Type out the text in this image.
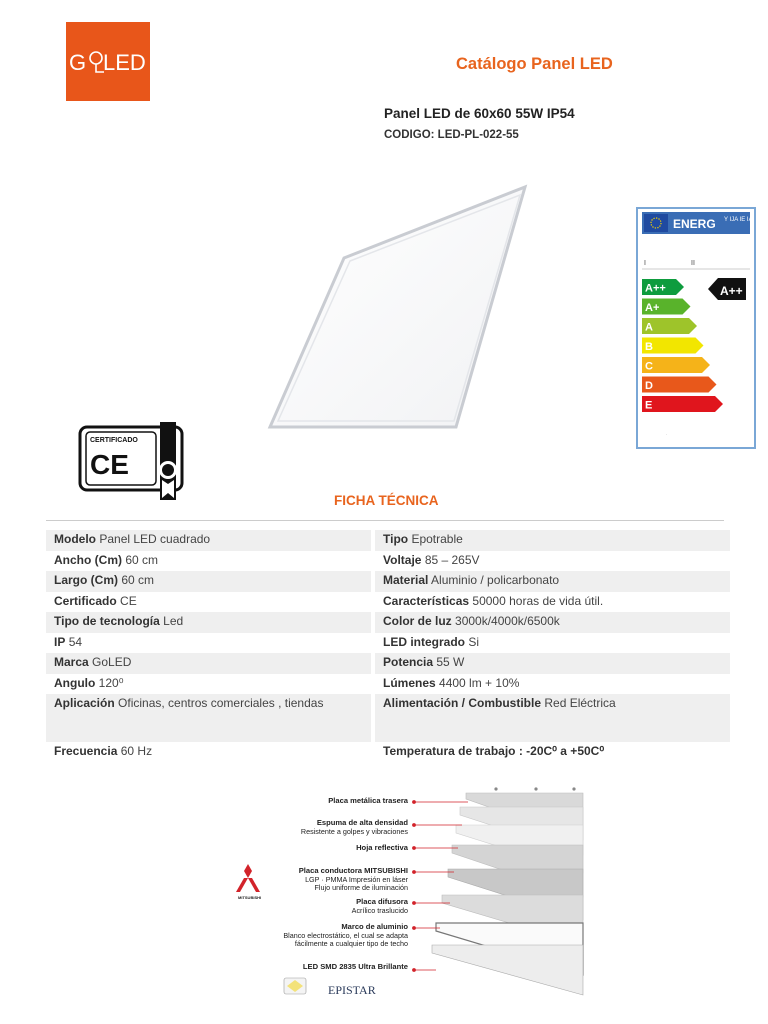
G LED	Catálogo Panel LED
Panel LED de 60x60 55W IP54
CODIGO: LED-PL-022-55
ENERG Y IJA IE IA
I	II
A++
A+
A
B
C
D
E
A++
.
CERTIFICADO
CE
FICHA TÉCNICA
Modelo Panel LED cuadrado		Tipo Epotrable
Ancho (Cm) 60 cm		Voltaje 85 – 265V
Largo (Cm) 60 cm		Material Aluminio / policarbonato
Certificado CE		Características 50000 horas de vida útil.
Tipo de tecnología Led		Color de luz 3000k/4000k/6500k
IP 54		LED integrado Si
Marca GoLED		Potencia 55 W
Angulo 120⁰		Lúmenes 4400 lm + 10%
Aplicación Oficinas, centros comerciales , tiendas		Alimentación / Combustible Red Eléctrica
Frecuencia 60 Hz		Temperatura de trabajo : -20C⁰ a +50C⁰
MITSUBISHI
EPISTAR
Placa metálica trasera
Espuma de alta densidad
Resistente a golpes y vibraciones
Hoja reflectiva
Placa conductora MITSUBISHI
LGP · PMMA Impresión en láser
Flujo uniforme de iluminación
Placa difusora
Acrílico traslucido
Marco de aluminio
Blanco electrostático, el cual se adapta
fácilmente a cualquier tipo de techo
LED SMD 2835 Ultra Brillante
